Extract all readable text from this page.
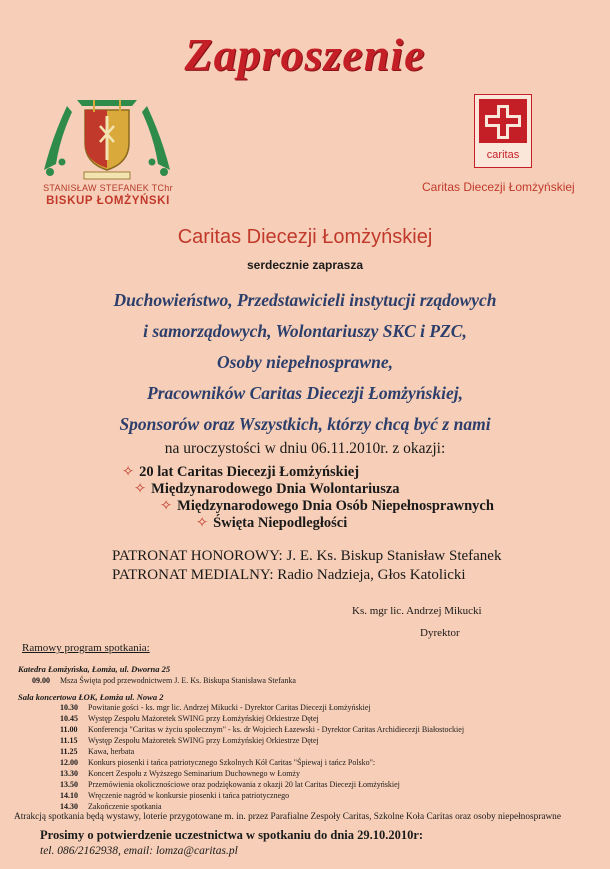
Zaproszenie
STANISŁAW STEFANEK TChr
BISKUP ŁOMŻYŃSKI
caritas
Caritas Diecezji Łomżyńskiej
Caritas Diecezji Łomżyńskiej
serdecznie zaprasza
Duchowieństwo, Przedstawicieli instytucji rządowych
i samorządowych, Wolontariuszy SKC i PZC,
Osoby niepełnosprawne,
Pracowników Caritas Diecezji Łomżyńskiej,
Sponsorów oraz Wszystkich, którzy chcą być z nami
na uroczystości w dniu 06.11.2010r. z okazji:
✧ 20 lat Caritas Diecezji Łomżyńskiej
✧ Międzynarodowego Dnia Wolontariusza
✧ Międzynarodowego Dnia Osób Niepełnosprawnych
✧ Święta Niepodległości
PATRONAT HONOROWY: J. E. Ks. Biskup Stanisław Stefanek
PATRONAT MEDIALNY: Radio Nadzieja, Głos Katolicki
Ks. mgr lic. Andrzej Mikucki
Dyrektor
Ramowy program spotkania:
Katedra Łomżyńska, Łomża, ul. Dworna 25
09.00 Msza Święta pod przewodnictwem J. E. Ks. Biskupa Stanisława Stefanka
Sala koncertowa ŁOK, Łomża ul. Nowa 2
10.30 Powitanie gości - ks. mgr lic. Andrzej Mikucki - Dyrektor Caritas Diecezji Łomżyńskiej
10.45 Występ Zespołu Mażoretek SWING przy Łomżyńskiej Orkiestrze Dętej
11.00 Konferencja "Caritas w życiu społecznym" - ks. dr Wojciech Łazewski - Dyrektor Caritas Archidiecezji Białostockiej
11.15 Występ Zespołu Mażoretek SWING przy Łomżyńskiej Orkiestrze Dętej
11.25 Kawa, herbata
12.00 Konkurs piosenki i tańca patriotycznego Szkolnych Kół Caritas "Śpiewaj i tańcz Polsko":
13.30 Koncert Zespołu z Wyższego Seminarium Duchownego w Łomży
13.50 Przemówienia okolicznościowe oraz podziękowania z okazji 20 lat Caritas Diecezji Łomżyńskiej
14.10 Wręczenie nagród w konkursie piosenki i tańca patriotycznego
14.30 Zakończenie spotkania
Atrakcją spotkania będą wystawy, loterie przygotowane m. in. przez Parafialne Zespoły Caritas, Szkolne Koła Caritas oraz osoby niepełnosprawne
Prosimy o potwierdzenie uczestnictwa w spotkaniu do dnia 29.10.2010r:
tel. 086/2162938, email: lomza@caritas.pl
